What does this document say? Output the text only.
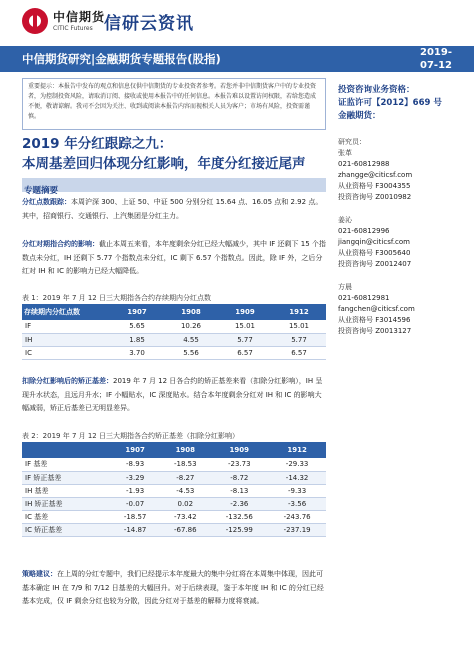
中信期货
CITIC Futures 信研云资讯
中信期货研究|金融期货专题报告(股指)	2019-
07-12
重要提示：本报告中发布的观点和信息仅供中信期货的专业投资者参考。若您并非中信期货客户中的专业投资者，为控制投资风险，请取消订阅、接收或使用本报告中的任何信息。本报告难以设置访问权限，若给您造成不便，敬请谅解。我司不会因为关注、收到或阅读本报告内容而视相关人员为客户；市场有风险，投资需谨慎。
2019 年分红跟踪之九：
本周基差回归体现分红影响，年度分红接近尾声
专题摘要
分红点数跟踪：本周沪深 300、上证 50、中证 500 分别分红 15.64 点、16.05 点和 2.92 点。其中，招商银行、交通银行、上汽集团是分红主力。
分红对期指合约的影响：截止本周五来看，本年度剩余分红已经大幅减少，其中 IF 还剩下 15 个指数点未分红，IH 还剩下 5.77 个指数点未分红，IC 剩下 6.57 个指数点。因此，除 IF 外，之后分红对 IH 和 IC 的影响力已经大幅降低。
表 1：2019 年 7 月 12 日三大期指各合约存续期内分红点数
存续期内分红点数	1907	1908	1909	1912
IF	5.65	10.26	15.01	15.01
IH	1.85	4.55	5.77	5.77
IC	3.70	5.56	6.57	6.57
扣除分红影响后的矫正基差：2019 年 7 月 12 日各合约的矫正基差来看（扣除分红影响），IH 呈现升水状态，且远月升水；IF 小幅贴水，IC 深度贴水。结合本年度剩余分红对 IH 和 IC 的影响大幅减弱，矫正后基差已无明显差异。
表 2：2019 年 7 月 12 日三大期指各合约矫正基差（扣除分红影响）
	1907	1908	1909	1912
IF 基差	-8.93	-18.53	-23.73	-29.33
IF 矫正基差	-3.29	-8.27	-8.72	-14.32
IH 基差	-1.93	-4.53	-8.13	-9.33
IH 矫正基差	-0.07	0.02	-2.36	-3.56
IC 基差	-18.57	-73.42	-132.56	-243.76
IC 矫正基差	-14.87	-67.86	-125.99	-237.19
策略建议：在上周的分红专题中，我们已经提示本年度最大的集中分红将在本周集中体现，因此可基本确定 IH 在 7/9 和 7/12 日基差的大幅回升。对于后续表现，鉴于本年度 IH 和 IC 的分红已经基本完成，仅 IF 剩余分红也较为分散，因此分红对于基差的解释力度将衰减。
投资咨询业务资格：
证监许可【2012】669 号
金融期货：
研究员：
张革
021-60812988
zhangge@citicsf.com
从业资格号 F3004355
投资咨询号 Z0010982
姜沁
021-60812996
jiangqin@citicsf.com
从业资格号 F3005640
投资咨询号 Z0012407
方晨
021-60812981
fangchen@citicsf.com
从业资格号 F3014596
投资咨询号 Z0013127
